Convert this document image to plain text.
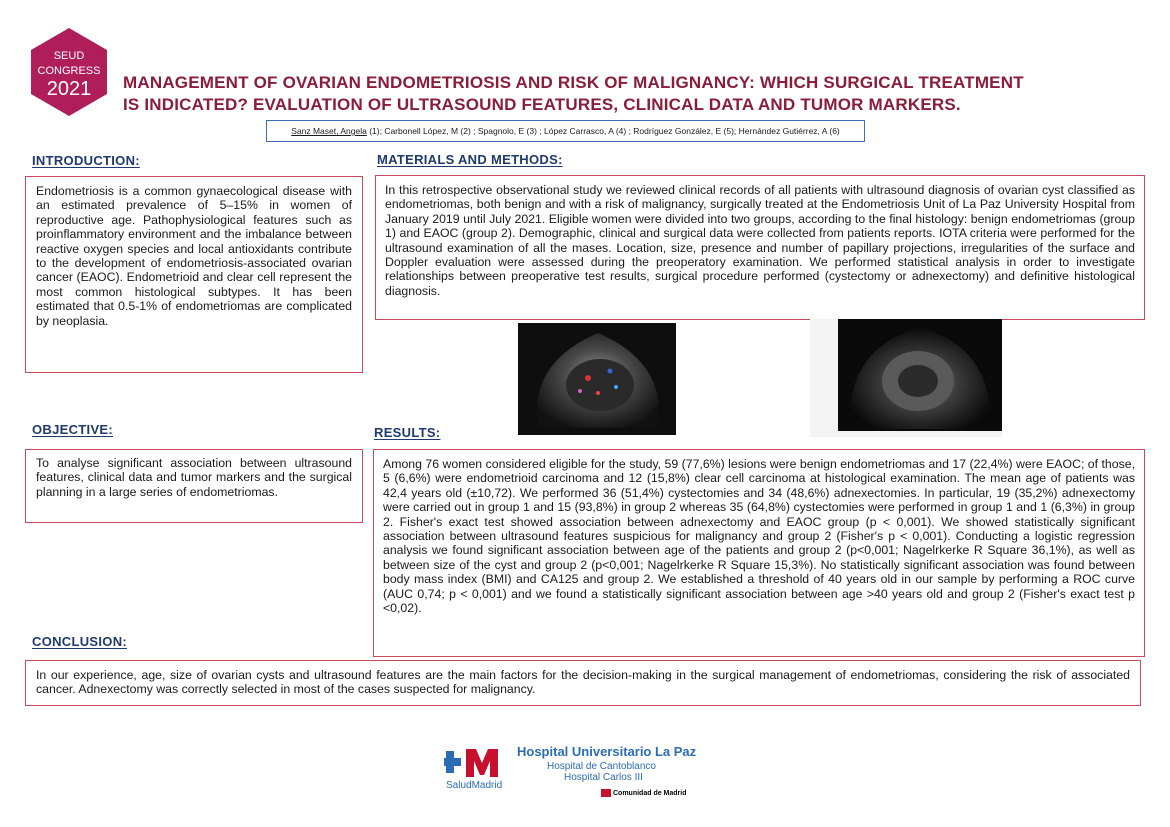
SEUD
CONGRESS
2021 MANAGEMENT OF OVARIAN ENDOMETRIOSIS AND RISK OF MALIGNANCY: WHICH SURGICAL TREATMENT
IS INDICATED? EVALUATION OF ULTRASOUND FEATURES, CLINICAL DATA AND TUMOR MARKERS.
Sanz Maset, Angela (1); Carbonell López, M (2) ; Spagnolo, E (3) ; López Carrasco, A (4) ; Rodríguez González, E (5); Hernández Gutiérrez, A (6)
INTRODUCTION:
Endometriosis is a common gynaecological disease with an estimated prevalence of 5–15% in women of reproductive age. Pathophysiological features such as proinflammatory environment and the imbalance between reactive oxygen species and local antioxidants contribute to the development of endometriosis-associated ovarian cancer (EAOC). Endometrioid and clear cell represent the most common histological subtypes. It has been estimated that 0.5-1% of endometriomas are complicated by neoplasia.
MATERIALS AND METHODS:
In this retrospective observational study we reviewed clinical records of all patients with ultrasound diagnosis of ovarian cyst classified as endometriomas, both benign and with a risk of malignancy, surgically treated at the Endometriosis Unit of La Paz University Hospital from January 2019 until July 2021. Eligible women were divided into two groups, according to the final histology: benign endometriomas (group 1) and EAOC (group 2). Demographic, clinical and surgical data were collected from patients reports. IOTA criteria were performed for the ultrasound examination of all the mases. Location, size, presence and number of papillary projections, irregularities of the surface and Doppler evaluation were assessed during the preoperatory examination. We performed statistical analysis in order to investigate relationships between preoperative test results, surgical procedure performed (cystectomy or adnexectomy) and definitive histological diagnosis.
OBJECTIVE:
To analyse significant association between ultrasound features, clinical data and tumor markers and the surgical planning in a large series of endometriomas.
RESULTS:
Among 76 women considered eligible for the study, 59 (77,6%) lesions were benign endometriomas and 17 (22,4%) were EAOC; of those, 5 (6,6%) were endometrioid carcinoma and 12 (15,8%) clear cell carcinoma at histological examination. The mean age of patients was 42,4 years old (±10,72). We performed 36 (51,4%) cystectomies and 34 (48,6%) adnexectomies. In particular, 19 (35,2%) adnexectomy were carried out in group 1 and 15 (93,8%) in group 2 whereas 35 (64,8%) cystectomies were performed in group 1 and 1 (6,3%) in group 2. Fisher's exact test showed association between adnexectomy and EAOC group (p < 0,001). We showed statistically significant association between ultrasound features suspicious for malignancy and group 2 (Fisher's p < 0,001). Conducting a logistic regression analysis we found significant association between age of the patients and group 2 (p<0,001; Nagelrkerke R Square 36,1%), as well as between size of the cyst and group 2 (p<0,001; Nagelrkerke R Square 15,3%). No statistically significant association was found between body mass index (BMI) and CA125 and group 2. We established a threshold of 40 years old in our sample by performing a ROC curve (AUC 0,74; p < 0,001) and we found a statistically significant association between age >40 years old and group 2 (Fisher's exact test p <0,02).
CONCLUSION:
In our experience, age, size of ovarian cysts and ultrasound features are the main factors for the decision-making in the surgical management of endometriomas, considering the risk of associated cancer. Adnexectomy was correctly selected in most of the cases suspected for malignancy.
SaludMadrid
Hospital Universitario La Paz
Hospital de Cantoblanco
Hospital Carlos III
Comunidad de Madrid
